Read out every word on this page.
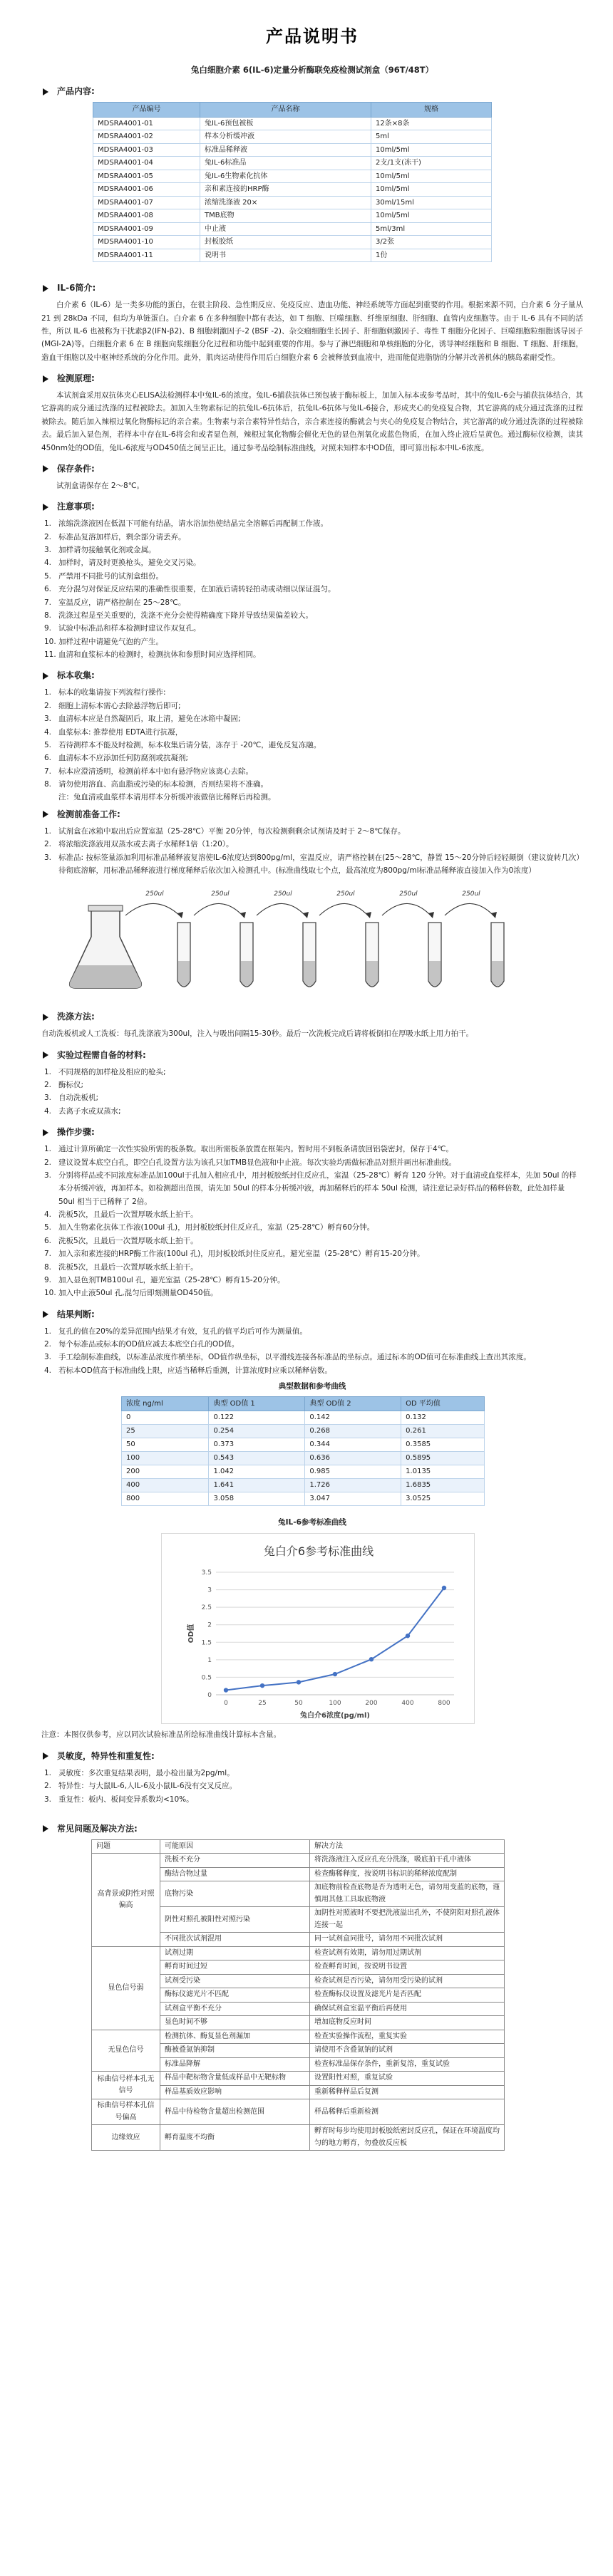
产品说明书
兔白细胞介素 6(IL-6)定量分析酶联免疫检测试剂盒（96T/48T）
产品内容:
产品编号	产品名称	规格
MDSRA4001-01	兔IL-6预包被板	12条×8条
MDSRA4001-02	样本分析缓冲液	5ml
MDSRA4001-03	标准品稀释液	10ml/5ml
MDSRA4001-04	兔IL-6标准品	2支/1支(冻干)
MDSRA4001-05	兔IL-6生物素化抗体	10ml/5ml
MDSRA4001-06	亲和素连接的HRP酶	10ml/5ml
MDSRA4001-07	浓缩洗涤液 20×	30ml/15ml
MDSRA4001-08	TMB底物	10ml/5ml
MDSRA4001-09	中止液	5ml/3ml
MDSRA4001-10	封板胶纸	3/2张
MDSRA4001-11	说明书	1份
IL-6简介:

白介素 6（IL-6）是一类多功能的蛋白，在很主阶段、急性期反应、免疫反应、造血功能、神经系统等方面起到重要的作用。根据来源不同，白介素 6 分子量从 21 到 28kDa 不同，但均为单链蛋白。白介素 6 在多种细胞中都有表达，如 T 细胞、巨噬细胞、纤维原细胞、肝细胞、血管内皮细胞等。由于 IL-6 具有不同的活性，所以 IL-6 也被称为干扰素β2(IFN-β2)、B 细胞刺激因子-2 (BSF -2)、杂交瘤细胞生长因子、肝细胞刺激因子、毒性 T 细胞分化因子、巨噬细胞粒细胞诱导因子 (MGI-2A)等。白细胞介素 6 在 B 细胞向浆细胞分化过程和功能中起到重要的作用。参与了淋巴细胞和单核细胞的分化，诱导神经细胞和 B 细胞、T 细胞、肝细胞，造血干细胞以及中枢神经系统的分化作用。此外，肌肉运动使得作用后白细胞介素 6 会被释放到血液中，进而能促进脂肪的分解并改善机体的胰岛素耐受性。

检测原理:

本试剂盒采用双抗体夹心ELISA法检测样本中兔IL-6的浓度。兔IL-6捕获抗体已预包被于酶标板上，加加入标本或参考品时，其中的兔IL-6会与捕获抗体结合，其它游离的成分通过洗涤的过程被除去。加加入生物素标记的抗兔IL-6抗体后，抗兔IL-6抗体与兔IL-6接合，形成夹心的免疫复合物，其它游离的成分通过洗涤的过程被除去。随后加入辣根过氧化物酶标记的亲合素。生物素与亲合素特异性结合，亲合素连接的酶就会与夹心的免疫复合物结合，其它游离的成分通过洗涤的过程被除去。最后加入显色剂，若样本中存在IL-6将会和或者显色剂，辣根过氧化物酶会催化无色的显色剂氧化成蓝色物质，在加入终止液后呈黄色。通过酶标仪检测，读其450nm处的OD值，兔IL-6浓度与OD450值之间呈正比，通过参考品绘制标准曲线，对照未知样本中OD值，即可算出标本中IL-6浓度。

保存条件:

试剂盒请保存在 2～8℃。

注意事项:
1. 浓缩洗涤液因在低温下可能有结晶，请水浴加热使结晶完全溶解后再配制工作液。
2. 标准品复溶加样后，剩余部分请丢弃。
3. 加样请勿接触氧化剂或金属。
4. 加样时，请及时更换枪头，避免交叉污染。
5. 严禁用不同批号的试剂盒组份。
6. 充分混匀对保证反应结果的准确性很重要，在加液后请转轻拍动或动细以保证混匀。
7. 室温反应，请严格控制在 25～28℃。
8. 洗涤过程是至关重要的，洗涤不充分会使得精确度下降并导致结果偏差较大。
9. 试验中标准品和样本检测时建议作双复孔。
10. 加样过程中请避免气泡的产生。
11. 血清和血浆标本的检测时，检测抗体和参照时间应选择相同。
标本收集:
1. 标本的收集请按下列流程行操作:
2. 细胞上清标本需心去除悬浮物后即可;
3. 血清标本应是自然凝固后，取上清，避免在冰箱中凝固;
4. 血浆标本: 推荐使用 EDTA进行抗凝，
5. 若待测样本不能及时检测，标本收集后请分装，冻存于 -20℃，避免反复冻融。
6. 血清标本不应添加任何防腐剂或抗凝剂;
7. 标本应澄清透明，检测前样本中如有悬浮物应该离心去除。
8. 请勿使用溶血、高血脂或污染的标本检测，否则结果将不准确。

注：兔血清或血浆样本请用样本分析缓冲液做倍比稀释后再检测。

检测前准备工作:
1. 试剂盒在冰箱中取出后应置室温（25-28℃）平衡 20分钟，每次检测剩剩余试剂请及时于 2～8℃保存。
2. 将浓缩洗涤液用双蒸水或去离子水稀释1倍（1:20）。
3. 标准品: 按标签量添加利用标准品稀释液复溶使IL-6浓度达到800pg/ml，室温反应，请严格控制在(25～28℃，静置 15～20分钟后轻轻颠倒（建议旋转几次）待彻底溶解，用标准品稀释液进行梯度稀释后依次加入检测孔中。(标准曲线取七个点，最高浓度为800pg/ml标准品稀释液直接加入作为0浓度）
250ul	250ul	250ul	250ul	250ul	250ul
洗涤方法:

自动洗板机或人工洗板：每孔洗涤液为300ul，注入与吸出间隔15-30秒。最后一次洗板完成后请将板倒扣在厚吸水纸上用力拍干。

实验过程需自备的材料:
1. 不同规格的加样枪及相应的枪头;
2. 酶标仪;
3. 自动洗板机;
4. 去离子水或双蒸水;
操作步骤:
1. 通过计算所确定一次性实验所需的板条数。取出所需板条放置在框架内。暂时用不到板条请放回铝袋密封，保存于4℃。
2. 建议设置本底空白孔，即空白孔设置方法为该孔只加TMB显色液和中止液。每次实验均需做标准品对照并画出标准曲线。
3. 分别将样品或不同浓度标准品加100ul于孔加入相应孔中，用封板胶纸封住反应孔，室温（25-28℃）孵育 120 分钟。对于血清或血浆样本，先加 50ul 的样本分析缓冲液，再加样本。如检测超出范围，请先加 50ul 的样本分析缓冲液，再加稀释后的样本 50ul 检测，请注意记录好样品的稀释倍数，此处加样量 50ul 相当于已稀释了 2倍。
4. 洗板5次，且最后一次置厚吸水纸上拍干。
5. 加入生物素化抗体工作液(100ul 孔)，用封板胶纸封住反应孔，室温（25-28℃）孵育60分钟。
6. 洗板5次，且最后一次置厚吸水纸上拍干。
7. 加入亲和素连接的HRP酶工作液(100ul 孔)，用封板胶纸封住反应孔，避光室温（25-28℃）孵育15-20分钟。
8. 洗板5次，且最后一次置厚吸水纸上拍干。
9. 加入显色剂TMB100ul 孔，避光室温（25-28℃）孵育15-20分钟。
10. 加入中止液50ul 孔,混匀后即刻测量OD450值。
结果判断:
1. 复孔的值在20%的差异范围内结果才有效，复孔的值平均后可作为测量值。
2. 每个标准品或标本的OD值应减去本底空白孔的OD值。
3. 手工绘制标准曲线，以标准品浓度作横坐标，OD值作纵坐标，以平滑线连接各标准品的坐标点。通过标本的OD值可在标准曲线上查出其浓度。
4. 若标本OD值高于标准曲线上限，应适当稀释后重测，计算浓度时应乘以稀释倍数。
典型数据和参考曲线
浓度 ng/ml	典型 OD值 1	典型 OD值 2	OD 平均值
0	0.122	0.142	0.132
25	0.254	0.268	0.261
50	0.373	0.344	0.3585
100	0.543	0.636	0.5895
200	1.042	0.985	1.0135
400	1.641	1.726	1.6835
800	3.058	3.047	3.0525
兔IL-6参考标准曲线
兔白介6参考标准曲线
0
0.5
1
1.5
2
2.5
3
3.5
0	25	50	100	200	400	800
OD值
兔白介6浓度(pg/ml)

注意：本图仅供参考，应以同次试验标准品所绘标准曲线计算标本含量。

灵敏度，特异性和重复性:
1. 灵敏度：多次重复结果表明，最小检出量为2pg/ml。
2. 特异性：与大鼠IL-6,人IL-6及小鼠IL-6没有交叉反应。
3. 重复性：板内、板间变异系数均<10%。
常见问题及解决方法:
问题	可能原因	解决方法
高背景或阴性对照偏高	洗板不充分	将洗涤液注入反应孔充分洗涤，吸底拍干孔中液体
	酶结合物过量	检查酶稀释度，按说明书标识的稀释浓度配制
	底物污染	加底物前检查底物是否为透明无色，请勿用变蓝的底物，谨慎用其他工具取底物液
	阴性对照孔被阳性对照污染	加阴性对照液时不要把洗液溢出孔外，不使阴阳对照孔液体连接一起
	不同批次试剂混用	同一试剂盒同批号，请勿用不同批次试剂
显色信号弱	试剂过期	检查试剂有效期，请勿用过期试剂
	孵育时间过短	检查孵育时间，按说明书设置
	试剂受污染	检查试剂是否污染，请勿用受污染的试剂
	酶标仪滤光片不匹配	检查酶标仪设置及滤光片是否匹配
	试剂盒平衡不充分	确保试剂盒室温平衡后再使用
	显色时间不够	增加底物反应时间
无显色信号	检测抗体、酶复显色剂漏加	检查实验操作流程，重复实验
	酶被叠氮钠抑制	请使用不含叠氮钠的试剂
	标准品降解	检查标准品保存条件，重新复溶，重复试验
标曲信号样本孔无信号	样品中靶标物含量低或样品中无靶标物	设置阳性对照，重复试验
	样品基质效应影响	重新稀释样品后复测
标曲信号样本孔信号偏高	样品中待检物含量超出检测范围	样品稀释后重新检测
边缘效应	孵育温度不均衡	孵育时每步均使用封板胶纸密封反应孔，保证在环境温度均匀的地方孵育，勿叠放反应板
